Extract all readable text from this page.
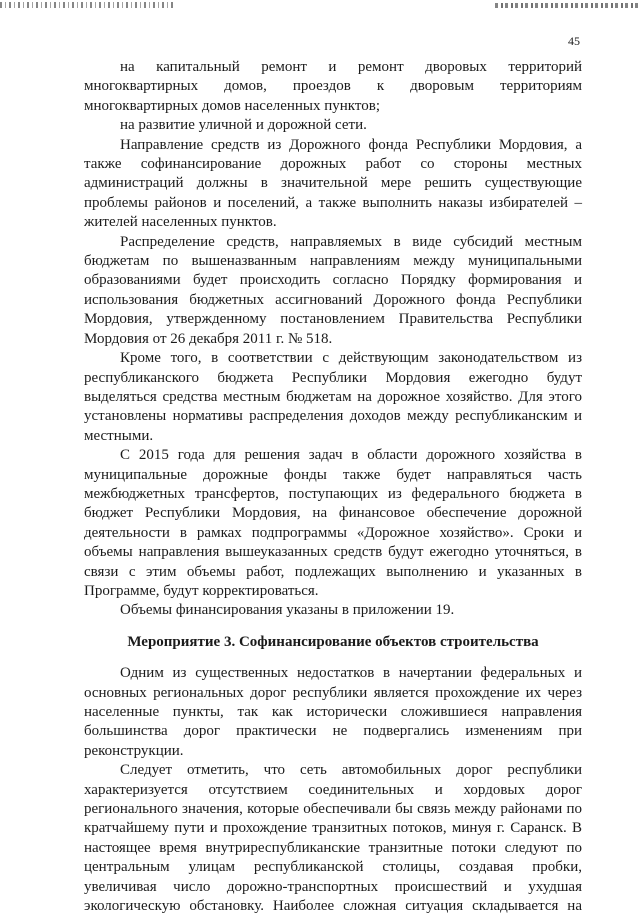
45

на капитальный ремонт и ремонт дворовых территорий многоквартирных домов, проездов к дворовым территориям многоквартирных домов населенных пунктов;

на развитие уличной и дорожной сети.

Направление средств из Дорожного фонда Республики Мордовия, а также софинансирование дорожных работ со стороны местных администраций должны в значительной мере решить существующие проблемы районов и поселений, а также выполнить наказы избирателей – жителей населенных пунктов.

Распределение средств, направляемых в виде субсидий местным бюджетам по вышеназванным направлениям между муниципальными образованиями будет происходить согласно Порядку формирования и использования бюджетных ассигнований Дорожного фонда Республики Мордовия, утвержденному постановлением Правительства Республики Мордовия от 26 декабря 2011 г. № 518.

Кроме того, в соответствии с действующим законодательством из республиканского бюджета Республики Мордовия ежегодно будут выделяться средства местным бюджетам на дорожное хозяйство. Для этого установлены нормативы распределения доходов между республиканским и местными.

С 2015 года для решения задач в области дорожного хозяйства в муниципальные дорожные фонды также будет направляться часть межбюджетных трансфертов, поступающих из федерального бюджета в бюджет Республики Мордовия, на финансовое обеспечение дорожной деятельности в рамках подпрограммы «Дорожное хозяйство». Сроки и объемы направления вышеуказанных средств будут ежегодно уточняться, в связи с этим объемы работ, подлежащих выполнению и указанных в Программе, будут корректироваться.

Объемы финансирования указаны в приложении 19.

Мероприятие 3. Софинансирование объектов строительства

Одним из существенных недостатков в начертании федеральных и основных региональных дорог республики является прохождение их через населенные пункты, так как исторически сложившиеся направления большинства дорог практически не подвергались изменениям при реконструкции.

Следует отметить, что сеть автомобильных дорог республики характеризуется отсутствием соединительных и хордовых дорог регионального значения, которые обеспечивали бы связь между районами по кратчайшему пути и прохождение транзитных потоков, минуя г. Саранск. В настоящее время внутриреспубликанские транзитные потоки следуют по центральным улицам республиканской столицы, создавая пробки, увеличивая число дорожно-транспортных происшествий и ухудшая экологическую обстановку. Наиболее сложная ситуация складывается на
